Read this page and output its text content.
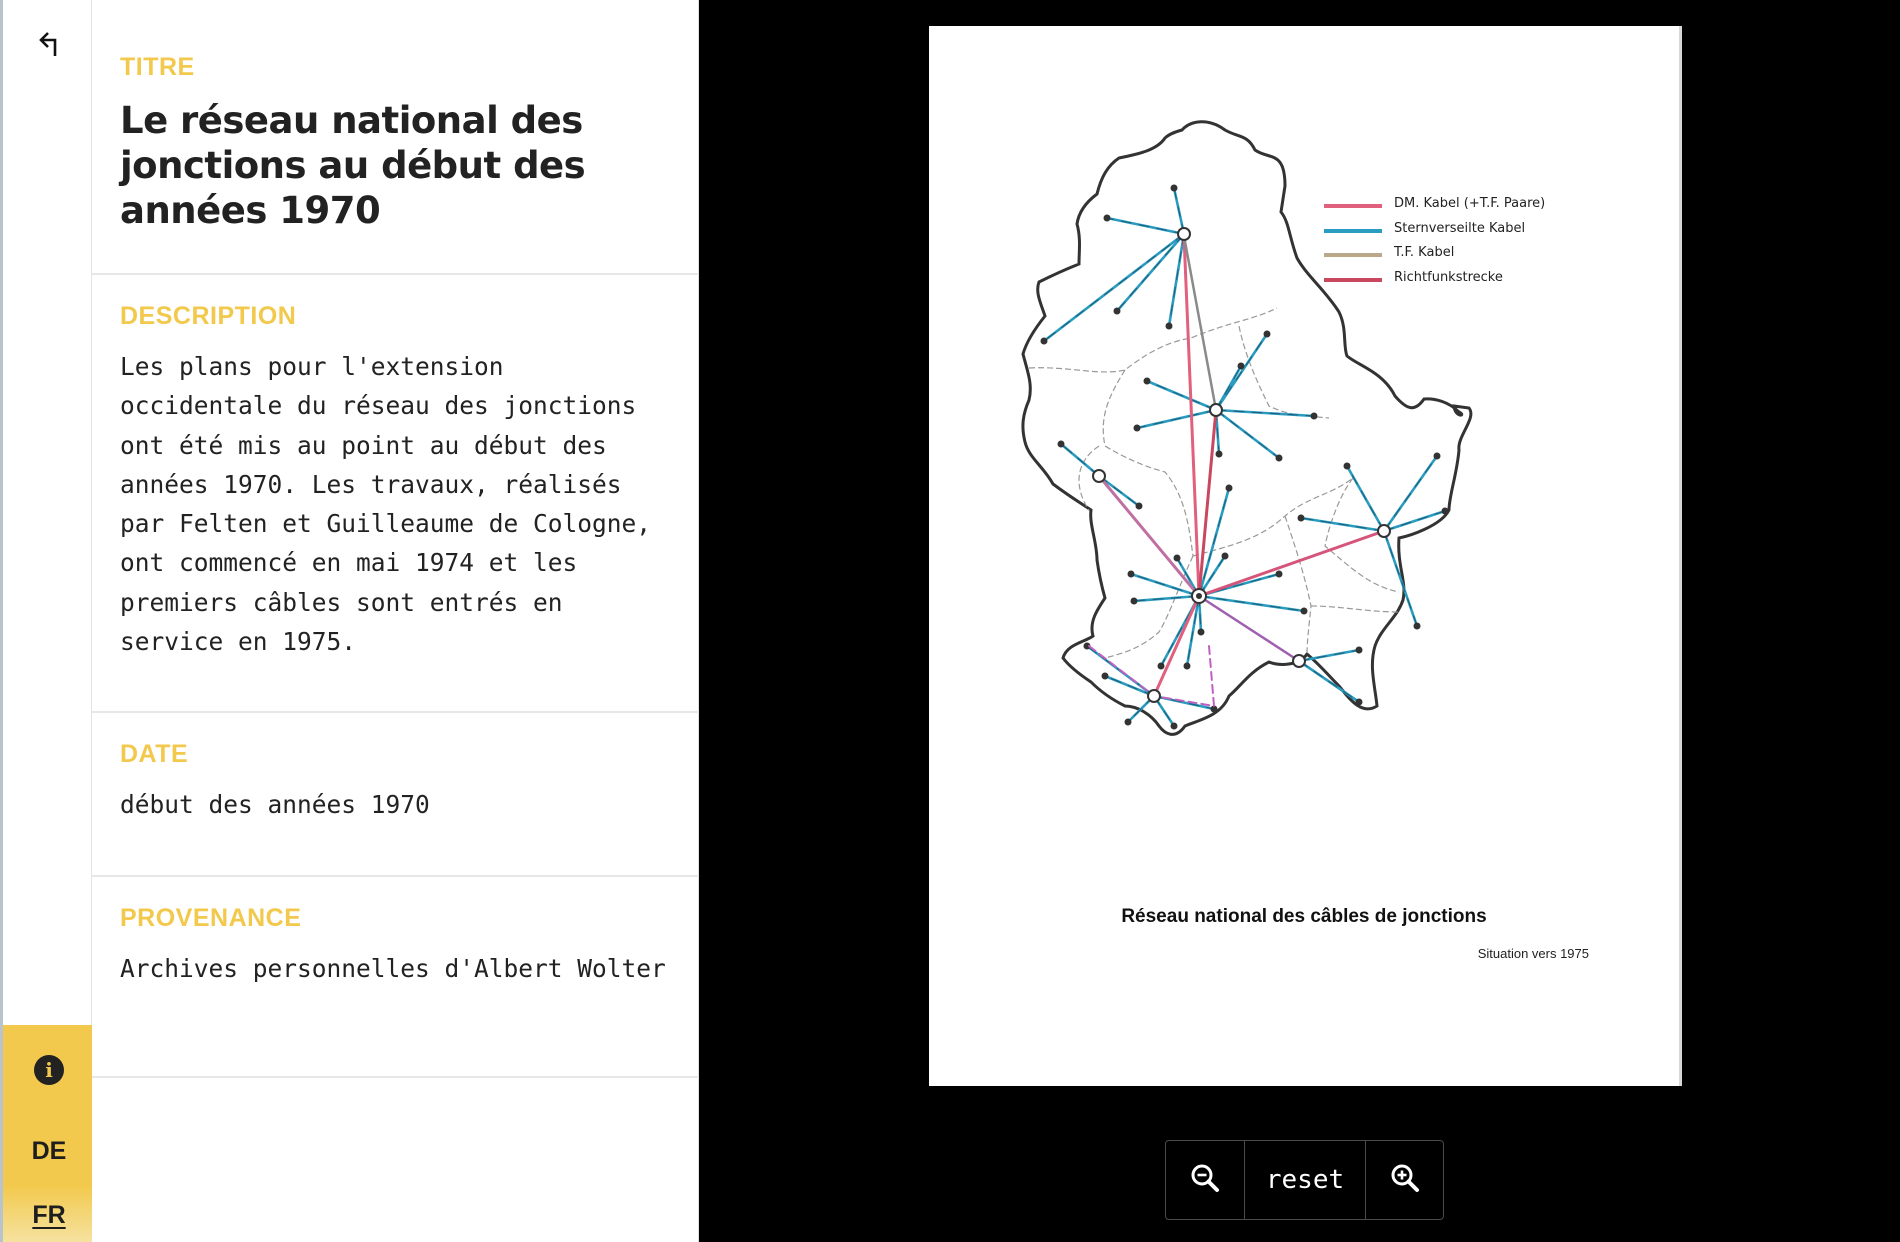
i
DE
FR
TITRE
Le réseau national des jonctions au début des années 1970
DESCRIPTION
Les plans pour l'extension occidentale du réseau des jonctions ont été mis au point au début des années 1970. Les travaux, réalisés par Felten et Guilleaume de Cologne, ont commencé en mai 1974 et les premiers câbles sont entrés en service en 1975.
DATE
début des années 1970
PROVENANCE
Archives personnelles d'Albert Wolter
DM. Kabel (+T.F. Paare)
Sternverseilte Kabel
T.F. Kabel
Richtfunkstrecke
Réseau national des câbles de jonctions
Situation vers 1975
reset
